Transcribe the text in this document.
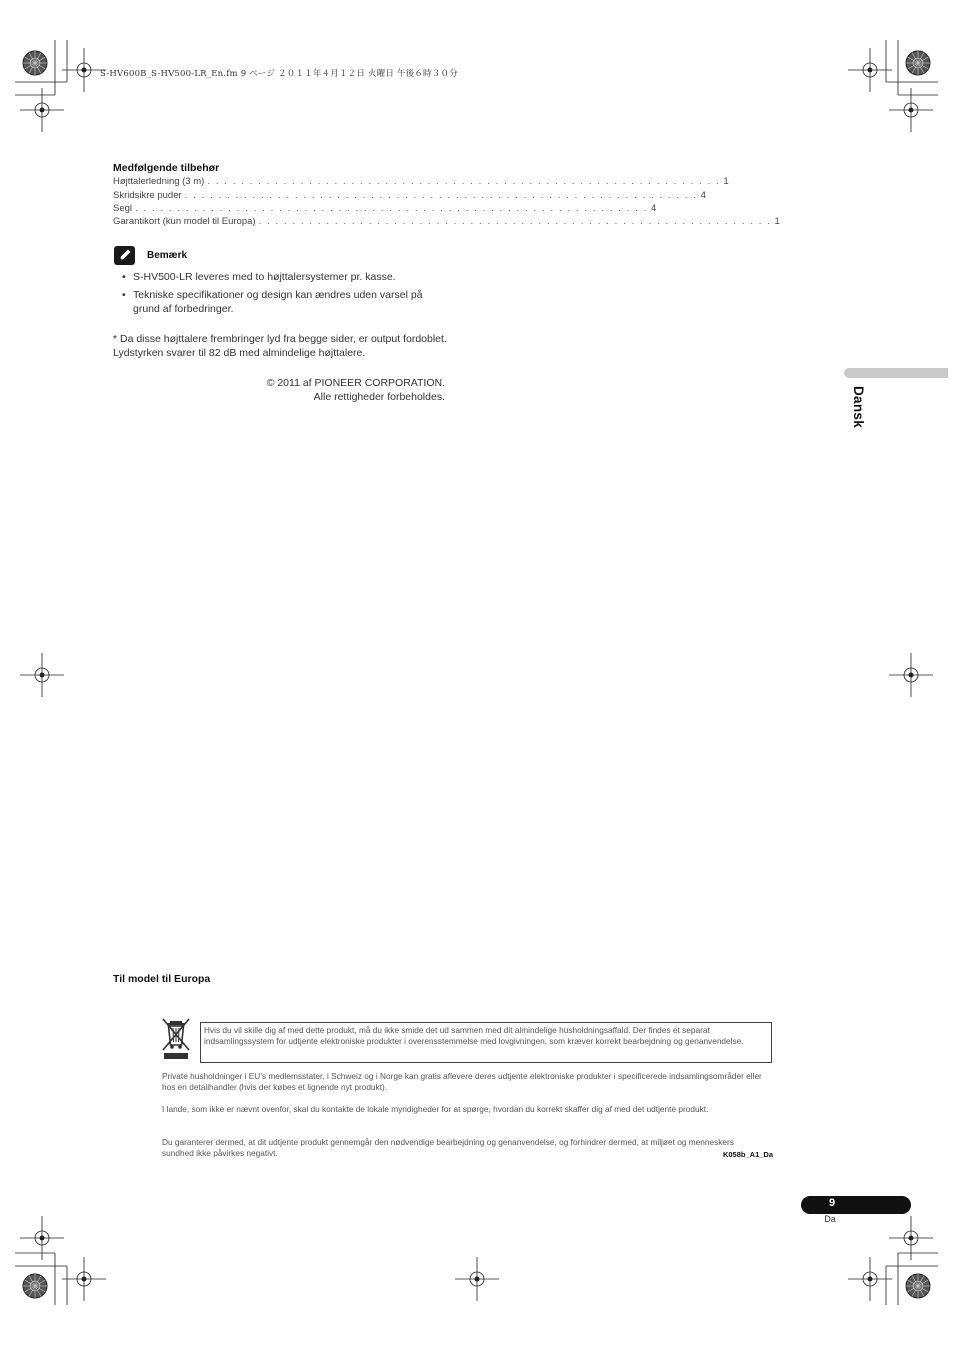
S-HV600B_S-HV500-LR_En.fm 9 ページ ２０１１年４月１２日 火曜日 午後６時３０分
Medfølgende tilbehør
Højttalerledning (3 m) . . . . . . . . . . . . . . . . . . . . . . . . . . . . . . . . . . . . . . . . . . . . . . . . . . . . . . . . . . . . . 1
Skridsikre puder . . . . . . . . . . . . . . . . . . . . . . . . . . . . . . . . . . . . . . . . . . . . . . . . . . . . . . . . . . . . . 4
Segl . . . . . . . . . . . . . . . . . . . . . . . . . . . . . . . . . . . . . . . . . . . . . . . . . . . . . . . . . . . . . 4
Garantikort (kun model til Europa) . . . . . . . . . . . . . . . . . . . . . . . . . . . . . . . . . . . . . . . . . . . . . . . . . . . . . . . . . . . . . 1
Bemærk
• S-HV500-LR leveres med to højttalersystemer pr. kasse.
• Tekniske specifikationer og design kan ændres uden varsel på grund af forbedringer.
* Da disse højttalere frembringer lyd fra begge sider, er output fordoblet. Lydstyrken svarer til 82 dB med almindelige højttalere.
© 2011 af PIONEER CORPORATION.
Alle rettigheder forbeholdes.	Dansk
Til model til Europa
Hvis du vil skille dig af med dette produkt, må du ikke smide det ud sammen med dit almindelige husholdningsaffald. Der findes et separat indsamlingssystem for udtjente elektroniske produkter i overensstemmelse med lovgivningen, som kræver korrekt bearbejdning og genanvendelse.
Private husholdninger i EU’s medlemsstater, i Schweiz og i Norge kan gratis aflevere deres udtjente elektroniske produkter i specificerede indsamlingsområder eller hos en detailhandler (hvis der købes et lignende nyt produkt).
I lande, som ikke er nævnt ovenfor, skal du kontakte de lokale myndigheder for at spørge, hvordan du korrekt skaffer dig af med det udtjente produkt.
Du garanterer dermed, at dit udtjente produkt gennemgår den nødvendige bearbejdning og genanvendelse, og forhindrer dermed, at miljøet og menneskers sundhed ikke påvirkes negativt.	K058b_A1_Da
9
Da
